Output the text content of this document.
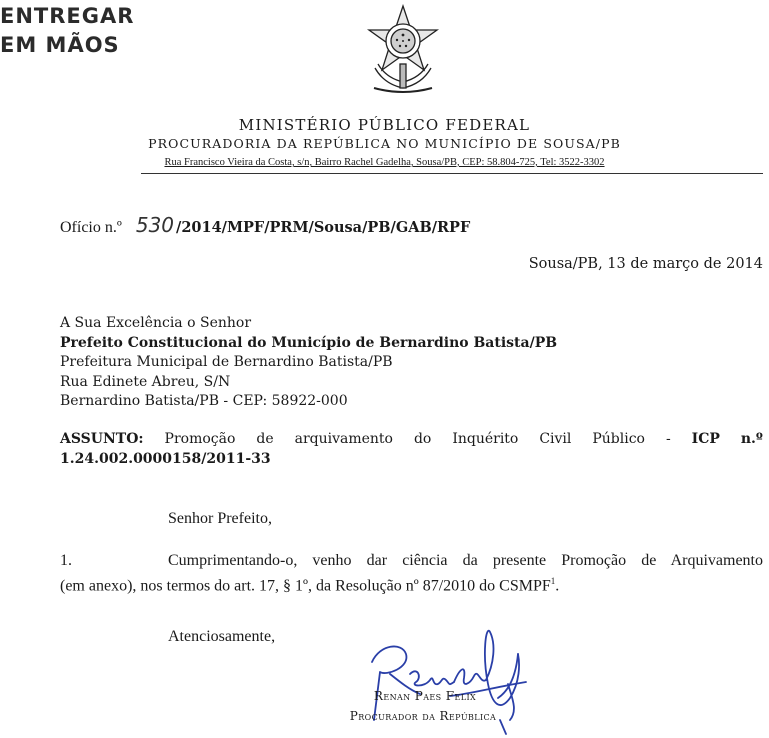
ENTREGAR
EM MÃOS
MINISTÉRIO PÚBLICO FEDERAL
PROCURADORIA DA REPÚBLICA NO MUNICÍPIO DE SOUSA/PB
Rua Francisco Vieira da Costa, s/n, Bairro Rachel Gadelha, Sousa/PB, CEP: 58.804-725, Tel: 3522-3302
Ofício n.º 530 /2014/MPF/PRM/Sousa/PB/GAB/RPF
Sousa/PB, 13 de março de 2014
A Sua Excelência o Senhor
Prefeito Constitucional do Município de Bernardino Batista/PB
Prefeitura Municipal de Bernardino Batista/PB
Rua Edinete Abreu, S/N
Bernardino Batista/PB - CEP: 58922-000
ASSUNTO: Promoção de arquivamento do Inquérito Civil Público - ICP n.º
1.24.002.0000158/2011-33
Senhor Prefeito,
1.	Cumprimentando-o, venho dar ciência da presente Promoção de Arquivamento
(em anexo), nos termos do art. 17, § 1º, da Resolução nº 87/2010 do CSMPF$^1$.
Atenciosamente,
Renan Paes Felix
Procurador da República
